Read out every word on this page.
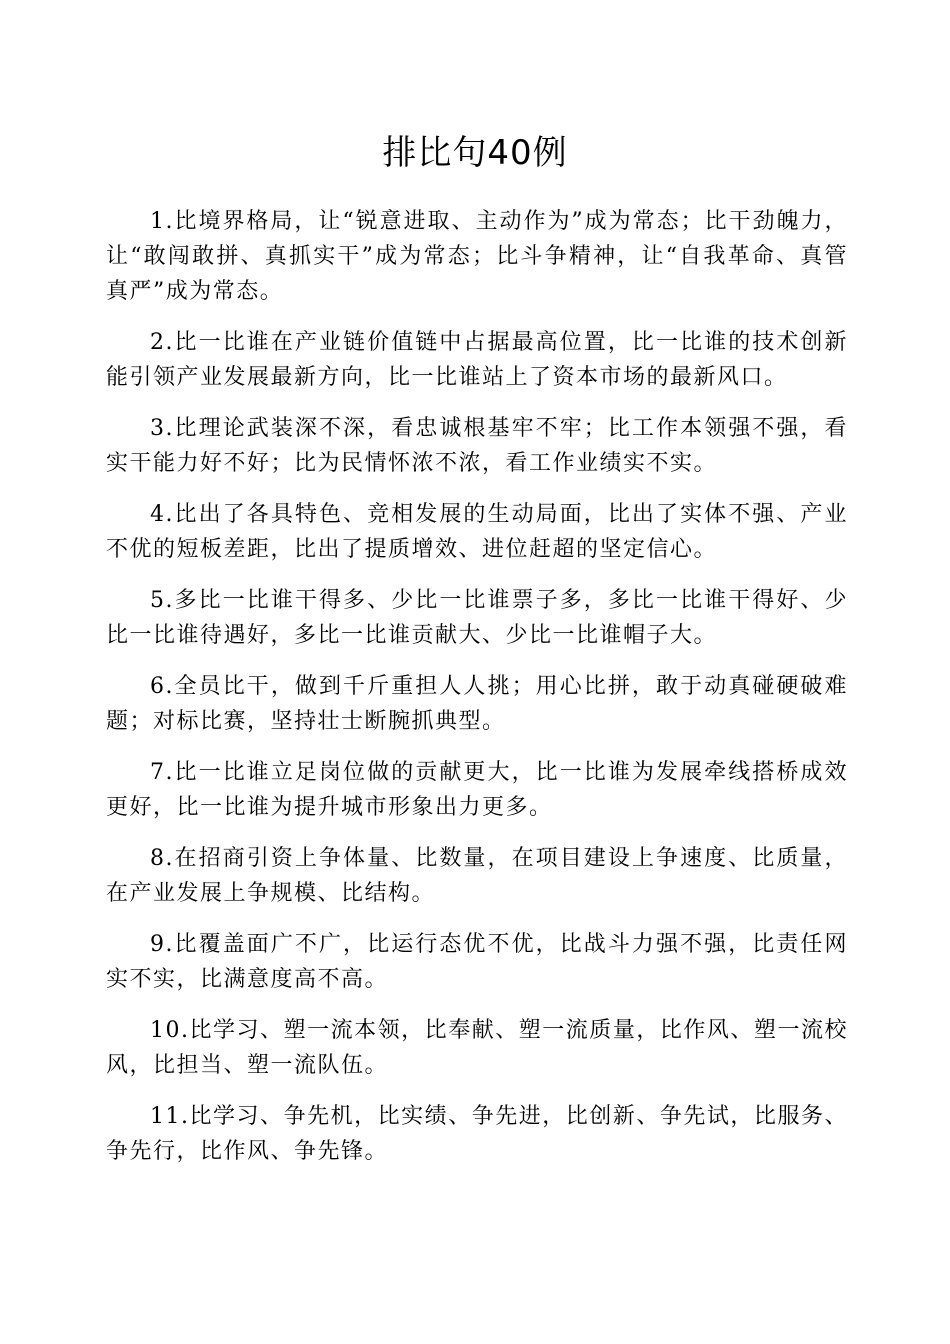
排比句40例

1.比境界格局，让“锐意进取、主动作为”成为常态；比干劲魄力，让“敢闯敢拼、真抓实干”成为常态；比斗争精神，让“自我革命、真管真严”成为常态。

2.比一比谁在产业链价值链中占据最高位置，比一比谁的技术创新能引领产业发展最新方向，比一比谁站上了资本市场的最新风口。

3.比理论武装深不深，看忠诚根基牢不牢；比工作本领强不强，看实干能力好不好；比为民情怀浓不浓，看工作业绩实不实。

4.比出了各具特色、竞相发展的生动局面，比出了实体不强、产业不优的短板差距，比出了提质增效、进位赶超的坚定信心。

5.多比一比谁干得多、少比一比谁票子多，多比一比谁干得好、少比一比谁待遇好，多比一比谁贡献大、少比一比谁帽子大。

6.全员比干，做到千斤重担人人挑；用心比拼，敢于动真碰硬破难题；对标比赛，坚持壮士断腕抓典型。

7.比一比谁立足岗位做的贡献更大，比一比谁为发展牵线搭桥成效更好，比一比谁为提升城市形象出力更多。

8.在招商引资上争体量、比数量，在项目建设上争速度、比质量，在产业发展上争规模、比结构。

9.比覆盖面广不广，比运行态优不优，比战斗力强不强，比责任网实不实，比满意度高不高。

10.比学习、塑一流本领，比奉献、塑一流质量，比作风、塑一流校风，比担当、塑一流队伍。

11.比学习、争先机，比实绩、争先进，比创新、争先试，比服务、争先行，比作风、争先锋。
